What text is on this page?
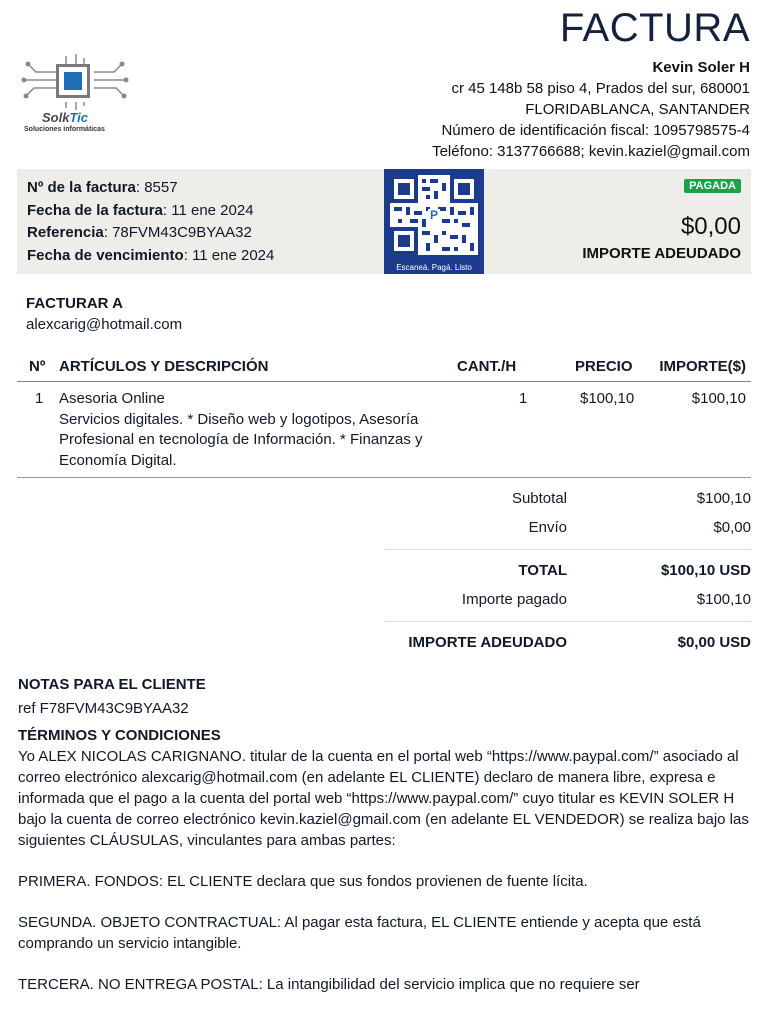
FACTURA
SolkTic
Soluciones informáticas
Kevin Soler H
cr 45 148b 58 piso 4, Prados del sur, 680001
FLORIDABLANCA, SANTANDER
Número de identificación fiscal: 1095798575-4
Teléfono: 3137766688; kevin.kaziel@gmail.com
Nº de la factura: 8557
Fecha de la factura: 11 ene 2024
Referencia: 78FVM43C9BYAA32
Fecha de vencimiento: 11 ene 2024
P
Escaneá. Pagá. Listo
PAGADA
$0,00
IMPORTE ADEUDADO
FACTURAR A
alexcarig@hotmail.com
Nº ARTÍCULOS Y DESCRIPCIÓN	CANT./H	PRECIO IMPORTE($)
1 Asesoria Online
Servicios digitales. * Diseño web y logotipos, Asesoría Profesional en tecnología de Información. * Finanzas y Economía Digital.
1	$100,10	$100,10
Subtotal	$100,10
Envío	$0,00
TOTAL	$100,10 USD
Importe pagado	$100,10
IMPORTE ADEUDADO	$0,00 USD
NOTAS PARA EL CLIENTE
ref F78FVM43C9BYAA32
TÉRMINOS Y CONDICIONES

Yo ALEX NICOLAS CARIGNANO. titular de la cuenta en el portal web “https://www.paypal.com/” asociado al correo electrónico alexcarig@hotmail.com (en adelante EL CLIENTE) declaro de manera libre, expresa e informada que el pago a la cuenta del portal web “https://www.paypal.com/” cuyo titular es KEVIN SOLER H bajo la cuenta de correo electrónico kevin.kaziel@gmail.com (en adelante EL VENDEDOR) se realiza bajo las siguientes CLÁUSULAS, vinculantes para ambas partes:

PRIMERA. FONDOS: EL CLIENTE declara que sus fondos provienen de fuente lícita.

SEGUNDA. OBJETO CONTRACTUAL: Al pagar esta factura, EL CLIENTE entiende y acepta que está comprando un servicio intangible.

TERCERA. NO ENTREGA POSTAL: La intangibilidad del servicio implica que no requiere ser
